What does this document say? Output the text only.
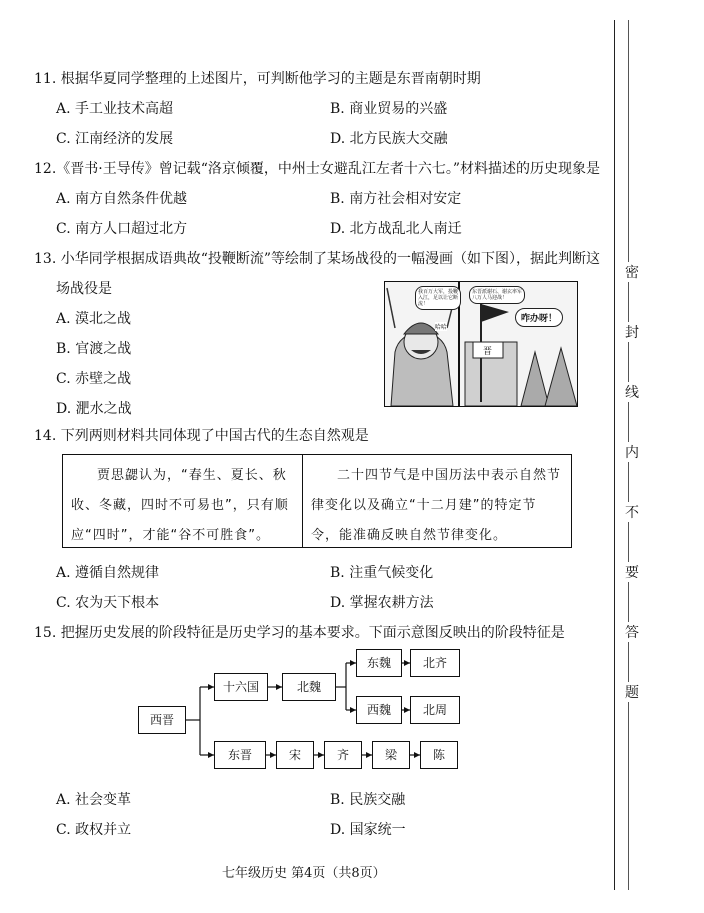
11. 根据华夏同学整理的上述图片，可判断他学习的主题是东晋南朝时期
A. 手工业技术高超	B. 商业贸易的兴盛
C. 江南经济的发展	D. 北方民族大交融
12.《晋书·王导传》曾记载“洛京倾覆，中州士女避乱江左者十六七。”材料描述的历史现象是
A. 南方自然条件优越	B. 南方社会相对安定
C. 南方人口超过北方	D. 北方战乱北人南迁
13. 小华同学根据成语典故“投鞭断流”等绘制了某场战役的一幅漫画（如下图），据此判断这
场战役是
A. 漠北之战
B. 官渡之战
C. 赤壁之战
D. 淝水之战
我百万大军，投鞭入江，足以让它断流！
哈哈
东晋派谢石、谢玄率军八万人马迎战！
咋办呀！
晋
14. 下列两则材料共同体现了中国古代的生态自然观是
贾思勰认为，“春生、夏长、秋收、冬藏，四时不可易也”，只有顺应“四时”，才能“谷不可胜食”。
二十四节气是中国历法中表示自然节律变化以及确立“十二月建”的特定节令，能准确反映自然节律变化。
A. 遵循自然规律	B. 注重气候变化
C. 农为天下根本	D. 掌握农耕方法
15. 把握历史发展的阶段特征是历史学习的基本要求。下面示意图反映出的阶段特征是
西晋
十六国	北魏
东魏	北齐
西魏	北周
东晋	宋	齐	梁	陈
A. 社会变革	B. 民族交融
C. 政权并立	D. 国家统一
七年级历史 第4页（共8页）
密
封
线
内
不
要
答
题
